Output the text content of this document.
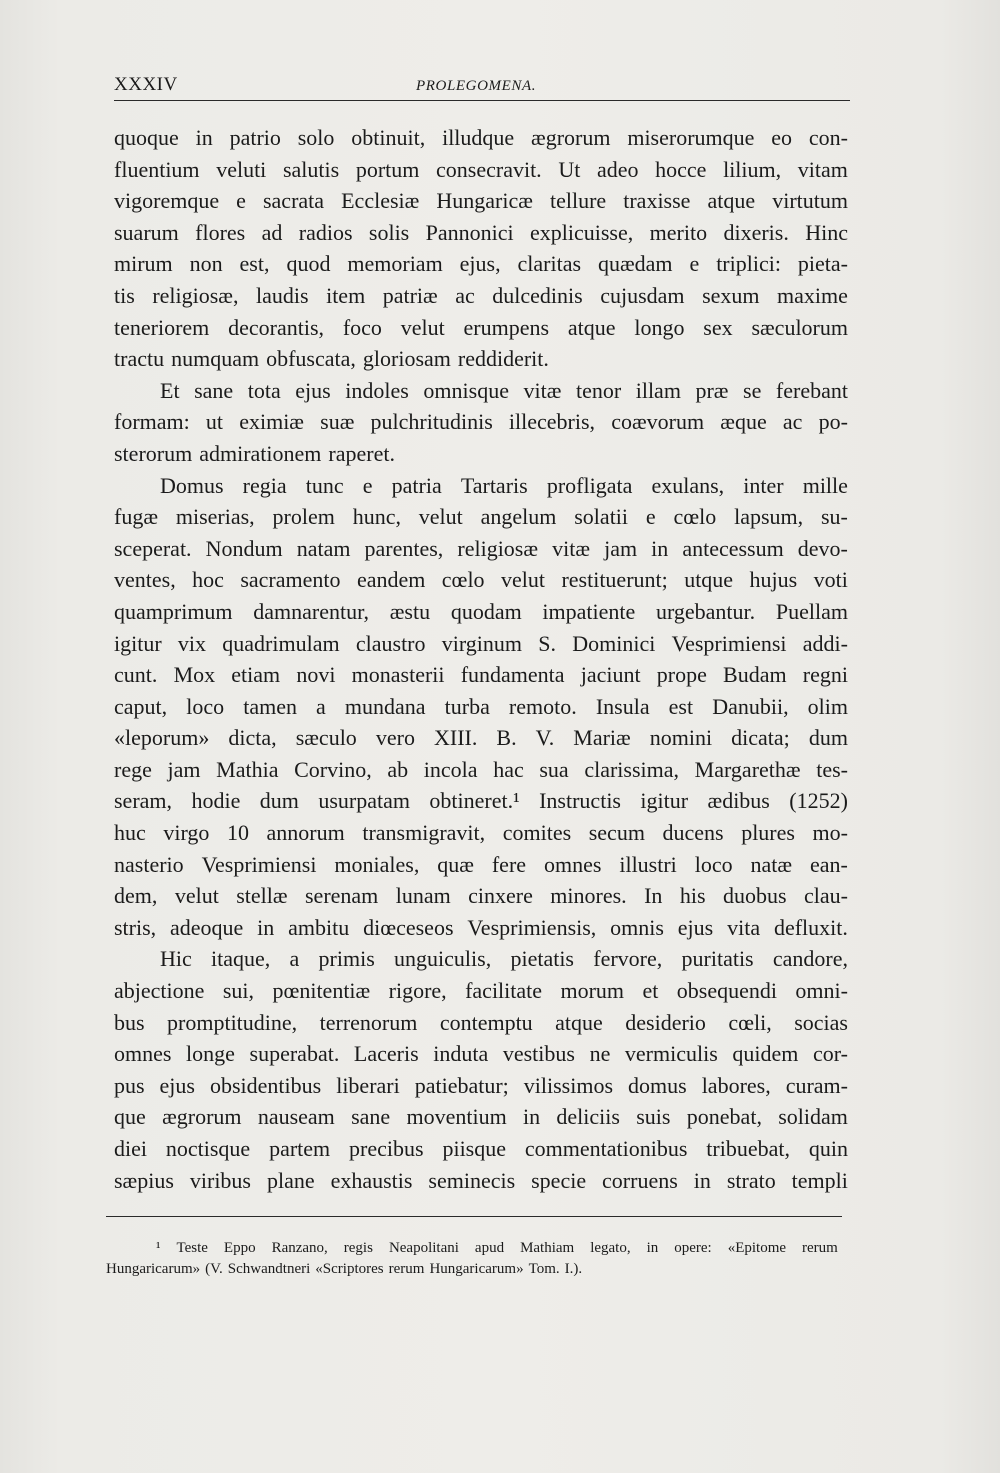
XXXIV	PROLEGOMENA.
quoque in patrio solo obtinuit, illudque ægrorum miserorumque eo con-
fluentium veluti salutis portum consecravit. Ut adeo hocce lilium, vitam
vigoremque e sacrata Ecclesiæ Hungaricæ tellure traxisse atque virtutum
suarum flores ad radios solis Pannonici explicuisse, merito dixeris. Hinc
mirum non est, quod memoriam ejus, claritas quædam e triplici: pieta-
tis religiosæ, laudis item patriæ ac dulcedinis cujusdam sexum maxime
teneriorem decorantis, foco velut erumpens atque longo sex sæculorum
tractu numquam obfuscata, gloriosam reddiderit.
Et sane tota ejus indoles omnisque vitæ tenor illam præ se ferebant
formam: ut eximiæ suæ pulchritudinis illecebris, coævorum æque ac po-
sterorum admirationem raperet.
Domus regia tunc e patria Tartaris profligata exulans, inter mille
fugæ miserias, prolem hunc, velut angelum solatii e cœlo lapsum, su-
sceperat. Nondum natam parentes, religiosæ vitæ jam in antecessum devo-
ventes, hoc sacramento eandem cœlo velut restituerunt; utque hujus voti
quamprimum damnarentur, æstu quodam impatiente urgebantur. Puellam
igitur vix quadrimulam claustro virginum S. Dominici Vesprimiensi addi-
cunt. Mox etiam novi monasterii fundamenta jaciunt prope Budam regni
caput, loco tamen a mundana turba remoto. Insula est Danubii, olim
«leporum» dicta, sæculo vero XIII. B. V. Mariæ nomini dicata; dum
rege jam Mathia Corvino, ab incola hac sua clarissima, Margarethæ tes-
seram, hodie dum usurpatam obtineret.¹ Instructis igitur ædibus (1252)
huc virgo 10 annorum transmigravit, comites secum ducens plures mo-
nasterio Vesprimiensi moniales, quæ fere omnes illustri loco natæ ean-
dem, velut stellæ serenam lunam cinxere minores. In his duobus clau-
stris, adeoque in ambitu diœceseos Vesprimiensis, omnis ejus vita defluxit.
Hic itaque, a primis unguiculis, pietatis fervore, puritatis candore,
abjectione sui, pœnitentiæ rigore, facilitate morum et obsequendi omni-
bus promptitudine, terrenorum contemptu atque desiderio cœli, socias
omnes longe superabat. Laceris induta vestibus ne vermiculis quidem cor-
pus ejus obsidentibus liberari patiebatur; vilissimos domus labores, curam-
que ægrorum nauseam sane moventium in deliciis suis ponebat, solidam
diei noctisque partem precibus piisque commentationibus tribuebat, quin
sæpius viribus plane exhaustis seminecis specie corruens in strato templi
¹ Teste Eppo Ranzano, regis Neapolitani apud Mathiam legato, in opere: «Epitome rerum
Hungaricarum» (V. Schwandtneri «Scriptores rerum Hungaricarum» Tom. I.).
